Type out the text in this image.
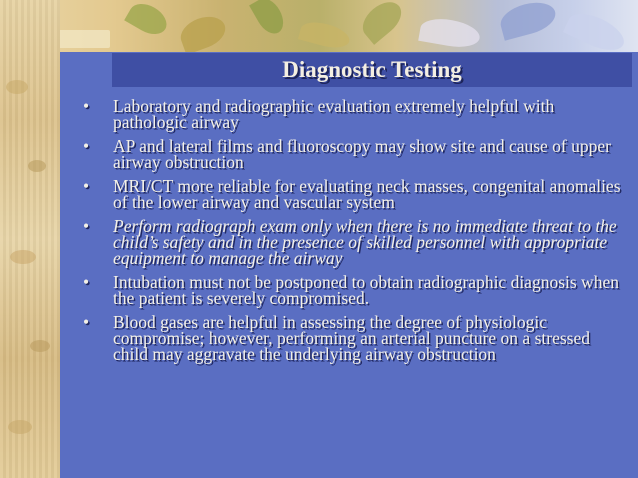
Diagnostic Testing
• Laboratory and radiographic evaluation extremely helpful with pathologic airway
• AP and lateral films and fluoroscopy may show site and cause of upper airway obstruction
• MRI/CT more reliable for evaluating neck masses, congenital anomalies of the lower airway and vascular system
• Perform radiograph exam only when there is no immediate threat to the child’s safety and in the presence of skilled personnel with appropriate equipment to manage the airway
• Intubation must not be postponed to obtain radiographic diagnosis when the patient is severely compromised.
• Blood gases are helpful in assessing the degree of physiologic compromise; however, performing an arterial puncture on a stressed child may aggravate the underlying airway obstruction
